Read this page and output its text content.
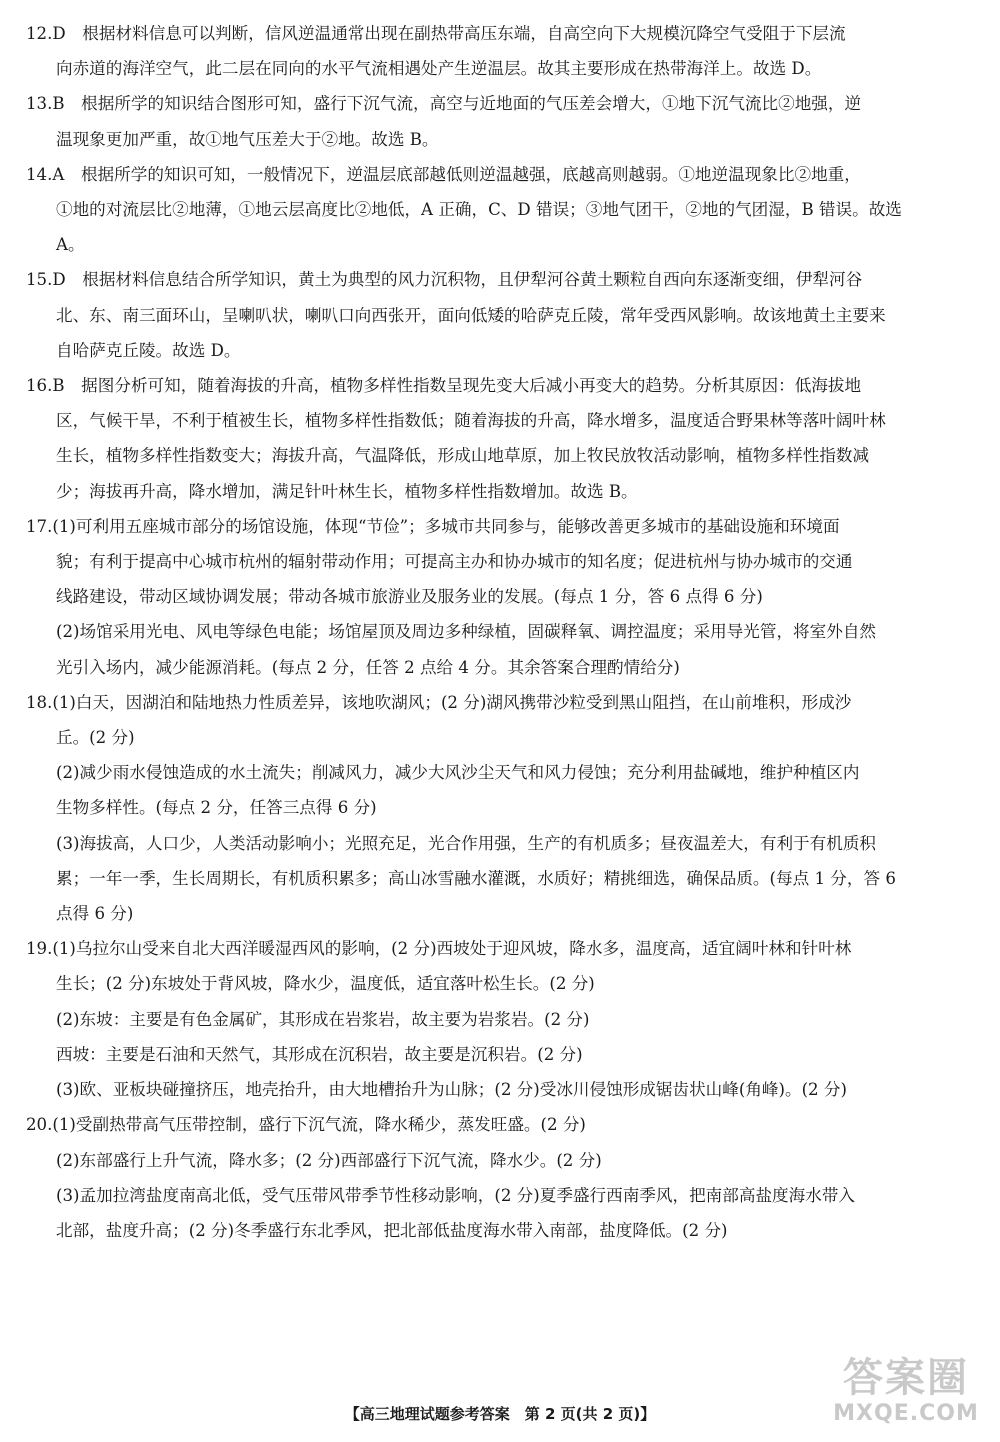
12.D　根据材料信息可以判断，信风逆温通常出现在副热带高压东端，自高空向下大规模沉降空气受阻于下层流
向赤道的海洋空气，此二层在同向的水平气流相遇处产生逆温层。故其主要形成在热带海洋上。故选 D。
13.B　根据所学的知识结合图形可知，盛行下沉气流，高空与近地面的气压差会增大，①地下沉气流比②地强，逆
温现象更加严重，故①地气压差大于②地。故选 B。
14.A　根据所学的知识可知，一般情况下，逆温层底部越低则逆温越强，底越高则越弱。①地逆温现象比②地重，
①地的对流层比②地薄，①地云层高度比②地低，A 正确，C、D 错误；③地气团干，②地的气团湿，B 错误。故选
A。
15.D　根据材料信息结合所学知识，黄土为典型的风力沉积物，且伊犁河谷黄土颗粒自西向东逐渐变细，伊犁河谷
北、东、南三面环山，呈喇叭状，喇叭口向西张开，面向低矮的哈萨克丘陵，常年受西风影响。故该地黄土主要来
自哈萨克丘陵。故选 D。
16.B　据图分析可知，随着海拔的升高，植物多样性指数呈现先变大后减小再变大的趋势。分析其原因：低海拔地
区，气候干旱，不利于植被生长，植物多样性指数低；随着海拔的升高，降水增多，温度适合野果林等落叶阔叶林
生长，植物多样性指数变大；海拔升高，气温降低，形成山地草原，加上牧民放牧活动影响，植物多样性指数减
少；海拔再升高，降水增加，满足针叶林生长，植物多样性指数增加。故选 B。
17.(1)可利用五座城市部分的场馆设施，体现“节俭”；多城市共同参与，能够改善更多城市的基础设施和环境面
貌；有利于提高中心城市杭州的辐射带动作用；可提高主办和协办城市的知名度；促进杭州与协办城市的交通
线路建设，带动区域协调发展；带动各城市旅游业及服务业的发展。(每点 1 分，答 6 点得 6 分)
(2)场馆采用光电、风电等绿色电能；场馆屋顶及周边多种绿植，固碳释氧、调控温度；采用导光管，将室外自然
光引入场内，减少能源消耗。(每点 2 分，任答 2 点给 4 分。其余答案合理酌情给分)
18.(1)白天，因湖泊和陆地热力性质差异，该地吹湖风；(2 分)湖风携带沙粒受到黑山阻挡，在山前堆积，形成沙
丘。(2 分)
(2)减少雨水侵蚀造成的水土流失；削减风力，减少大风沙尘天气和风力侵蚀；充分利用盐碱地，维护种植区内
生物多样性。(每点 2 分，任答三点得 6 分)
(3)海拔高，人口少，人类活动影响小；光照充足，光合作用强，生产的有机质多；昼夜温差大，有利于有机质积
累；一年一季，生长周期长，有机质积累多；高山冰雪融水灌溉，水质好；精挑细选，确保品质。(每点 1 分，答 6
点得 6 分)
19.(1)乌拉尔山受来自北大西洋暖湿西风的影响，(2 分)西坡处于迎风坡，降水多，温度高，适宜阔叶林和针叶林
生长；(2 分)东坡处于背风坡，降水少，温度低，适宜落叶松生长。(2 分)
(2)东坡：主要是有色金属矿，其形成在岩浆岩，故主要为岩浆岩。(2 分)
西坡：主要是石油和天然气，其形成在沉积岩，故主要是沉积岩。(2 分)
(3)欧、亚板块碰撞挤压，地壳抬升，由大地槽抬升为山脉；(2 分)受冰川侵蚀形成锯齿状山峰(角峰)。(2 分)
20.(1)受副热带高气压带控制，盛行下沉气流，降水稀少，蒸发旺盛。(2 分)
(2)东部盛行上升气流，降水多；(2 分)西部盛行下沉气流，降水少。(2 分)
(3)孟加拉湾盐度南高北低，受气压带风带季节性移动影响，(2 分)夏季盛行西南季风，把南部高盐度海水带入
北部，盐度升高；(2 分)冬季盛行东北季风，把北部低盐度海水带入南部，盐度降低。(2 分)
【高三地理试题参考答案　第 2 页(共 2 页)】
答案圈
MXQE.COM
